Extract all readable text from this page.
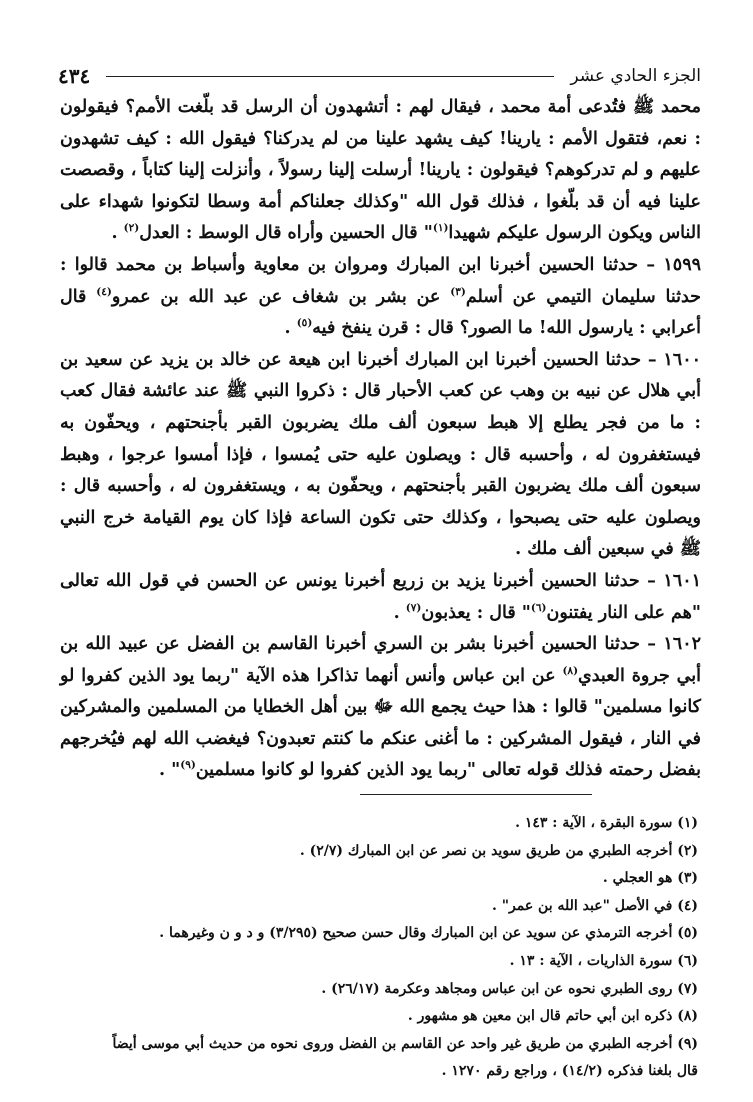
٤٣٤	الجزء الحادي عشر

محمد ﷺ فتُدعى أمة محمد ، فيقال لهم : أتشهدون أن الرسل قد بلّغت الأمم؟ فيقولون : نعم، فتقول الأمم : يارينا! كيف يشهد علينا من لم يدركنا؟ فيقول الله : كيف تشهدون عليهم و لم تدركوهم؟ فيقولون : يارينا! أرسلت إلينا رسولاً ، وأنزلت إلينا كتاباً ، وقصصت علينا فيه أن قد بلّغوا ، فذلك قول الله "وكذلك جعلناكم أمة وسطا لتكونوا شهداء على الناس ويكون الرسول عليكم شهيدا$^{(١)}$" قال الحسين وأراه قال الوسط : العدل$^{(٢)}$ .

١٥٩٩ – حدثنا الحسين أخبرنا ابن المبارك ومروان بن معاوية وأسباط بن محمد قالوا : حدثنا سليمان التيمي عن أسلم$^{(٣)}$ عن بشر بن شغاف عن عبد الله بن عمرو$^{(٤)}$ قال أعرابي : يارسول الله! ما الصور؟ قال : قرن ينفخ فيه$^{(٥)}$ .

١٦٠٠ – حدثنا الحسين أخبرنا ابن المبارك أخبرنا ابن هيعة عن خالد بن يزيد عن سعيد بن أبي هلال عن نبيه بن وهب عن كعب الأحبار قال : ذكروا النبي ﷺ عند عائشة فقال كعب : ما من فجر يطلع إلا هبط سبعون ألف ملك يضربون القبر بأجنحتهم ، ويحفّون به فيستغفرون له ، وأحسبه قال : ويصلون عليه حتى يُمسوا ، فإذا أمسوا عرجوا ، وهبط سبعون ألف ملك يضربون القبر بأجنحتهم ، ويحفّون به ، ويستغفرون له ، وأحسبه قال : ويصلون عليه حتى يصبحوا ، وكذلك حتى تكون الساعة فإذا كان يوم القيامة خرج النبي ﷺ في سبعين ألف ملك .

١٦٠١ – حدثنا الحسين أخبرنا يزيد بن زريع أخبرنا يونس عن الحسن في قول الله تعالى "هم على النار يفتنون$^{(٦)}$" قال : يعذبون$^{(٧)}$ .

١٦٠٢ – حدثنا الحسين أخبرنا بشر بن السري أخبرنا القاسم بن الفضل عن عبيد الله بن أبي جروة العبدي$^{(٨)}$ عن ابن عباس وأنس أنهما تذاكرا هذه الآية "ربما يود الذين كفروا لو كانوا مسلمين" قالوا : هذا حيث يجمع الله ﷻ بين أهل الخطايا من المسلمين والمشركين في النار ، فيقول المشركين : ما أغنى عنكم ما كنتم تعبدون؟ فيغضب الله لهم فيُخرجهم بفضل رحمته فذلك قوله تعالى "ربما يود الذين كفروا لو كانوا مسلمين$^{(٩)}$" .

(١) سورة البقرة ، الآية : ١٤٣ .

(٢) أخرجه الطبري من طريق سويد بن نصر عن ابن المبارك (٢/٧) .

(٣) هو العجلي .

(٤) في الأصل "عبد الله بن عمر" .

(٥) أخرجه الترمذي عن سويد عن ابن المبارك وقال حسن صحيح (٣/٢٩٥) و د و ن وغيرهما .

(٦) سورة الذاريات ، الآية : ١٣ .

(٧) روى الطبري نحوه عن ابن عباس ومجاهد وعكرمة (٢٦/١٧) .

(٨) ذكره ابن أبي حاتم قال ابن معين هو مشهور .

(٩) أخرجه الطبري من طريق غير واحد عن القاسم بن الفضل وروى نحوه من حديث أبي موسى أيضاً

قال بلغنا فذكره (١٤/٢) ، وراجع رقم ١٢٧٠ .
